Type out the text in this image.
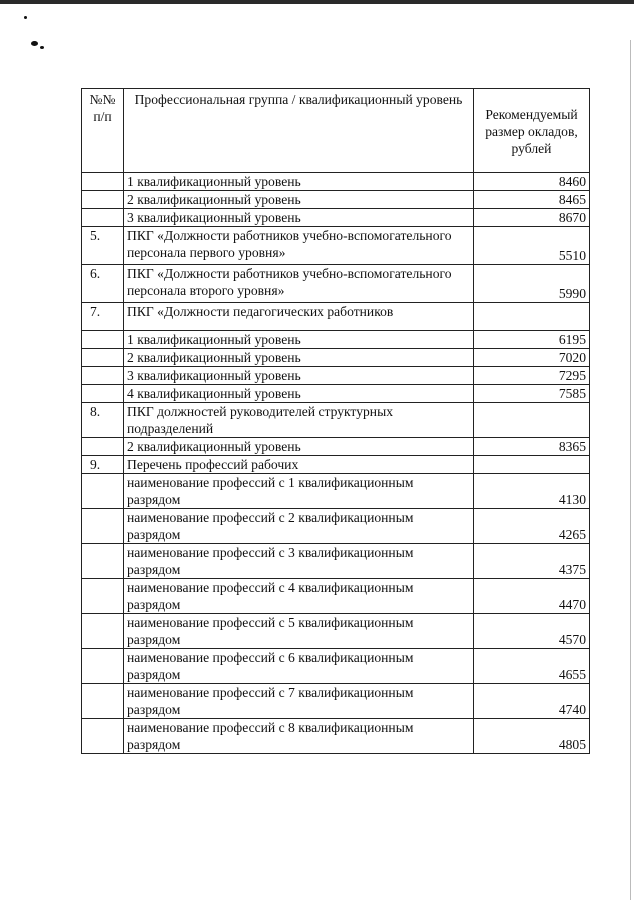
№№ п/п	Профессиональная группа / квалификационный уровень	Рекомендуемый размер окладов, рублей
	1 квалификационный уровень	8460
	2 квалификационный уровень	8465
	3 квалификационный уровень	8670
5.	ПКГ «Должности работников учебно-вспомогательного персонала первого уровня»	5510
6.	ПКГ «Должности работников учебно-вспомогательного персонала второго уровня»	5990
7.	ПКГ «Должности педагогических работников	
	1 квалификационный уровень	6195
	2 квалификационный уровень	7020
	3 квалификационный уровень	7295
	4 квалификационный уровень	7585
8.	ПКГ должностей руководителей структурных подразделений	
	2 квалификационный уровень	8365
9.	Перечень профессий рабочих	
	наименование профессий с 1 квалификационным разрядом	4130
	наименование профессий с 2 квалификационным разрядом	4265
	наименование профессий с 3 квалификационным разрядом	4375
	наименование профессий с 4 квалификационным разрядом	4470
	наименование профессий с 5 квалификационным разрядом	4570
	наименование профессий с 6 квалификационным разрядом	4655
	наименование профессий с 7 квалификационным разрядом	4740
	наименование профессий с 8 квалификационным разрядом	4805
